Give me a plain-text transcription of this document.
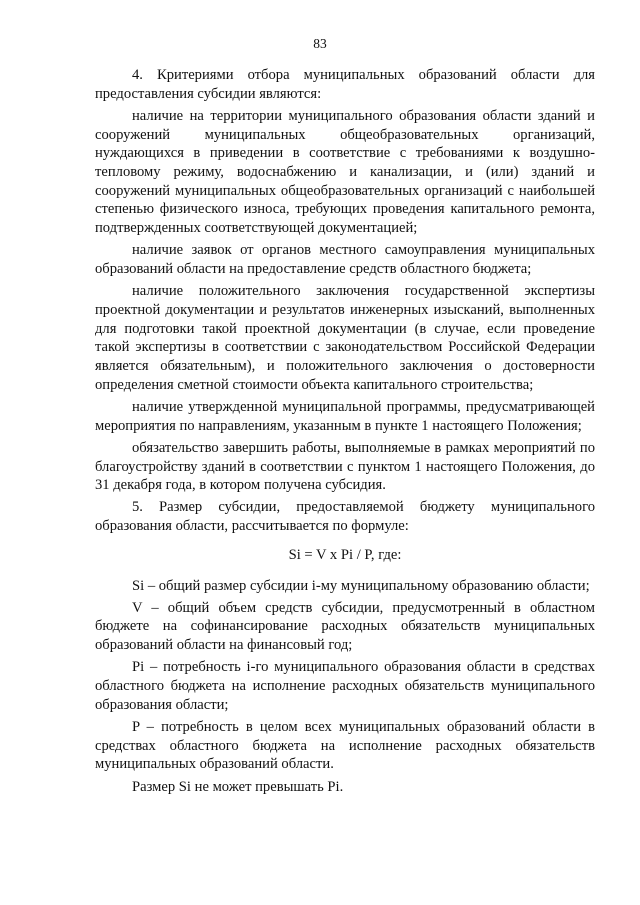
83

4. Критериями отбора муниципальных образований области для предоставления субсидии являются:

наличие на территории муниципального образования области зданий и сооружений муниципальных общеобразовательных организаций, нуждающихся в приведении в соответствие с требованиями к воздушно-тепловому режиму, водоснабжению и канализации, и (или) зданий и сооружений муниципальных общеобразовательных организаций с наибольшей степенью физического износа, требующих проведения капитального ремонта, подтвержденных соответствующей документацией;

наличие заявок от органов местного самоуправления муниципальных образований области на предоставление средств областного бюджета;

наличие положительного заключения государственной экспертизы проектной документации и результатов инженерных изысканий, выполненных для подготовки такой проектной документации (в случае, если проведение такой экспертизы в соответствии с законодательством Российской Федерации является обязательным), и положительного заключения о достоверности определения сметной стоимости объекта капитального строительства;

наличие утвержденной муниципальной программы, предусматривающей мероприятия по направлениям, указанным в пункте 1 настоящего Положения;

обязательство завершить работы, выполняемые в рамках мероприятий по благоустройству зданий в соответствии с пунктом 1 настоящего Положения, до 31 декабря года, в котором получена субсидия.

5. Размер субсидии, предоставляемой бюджету муниципального образования области, рассчитывается по формуле:

Si = V x Pi / P, где:

Si – общий размер субсидии i-му муниципальному образованию области;

V – общий объем средств субсидии, предусмотренный в областном бюджете на софинансирование расходных обязательств муниципальных образований области на финансовый год;

Pi – потребность i-го муниципального образования области в средствах областного бюджета на исполнение расходных обязательств муниципального образования области;

P – потребность в целом всех муниципальных образований области в средствах областного бюджета на исполнение расходных обязательств муниципальных образований области.

Размер Si не может превышать Pi.
